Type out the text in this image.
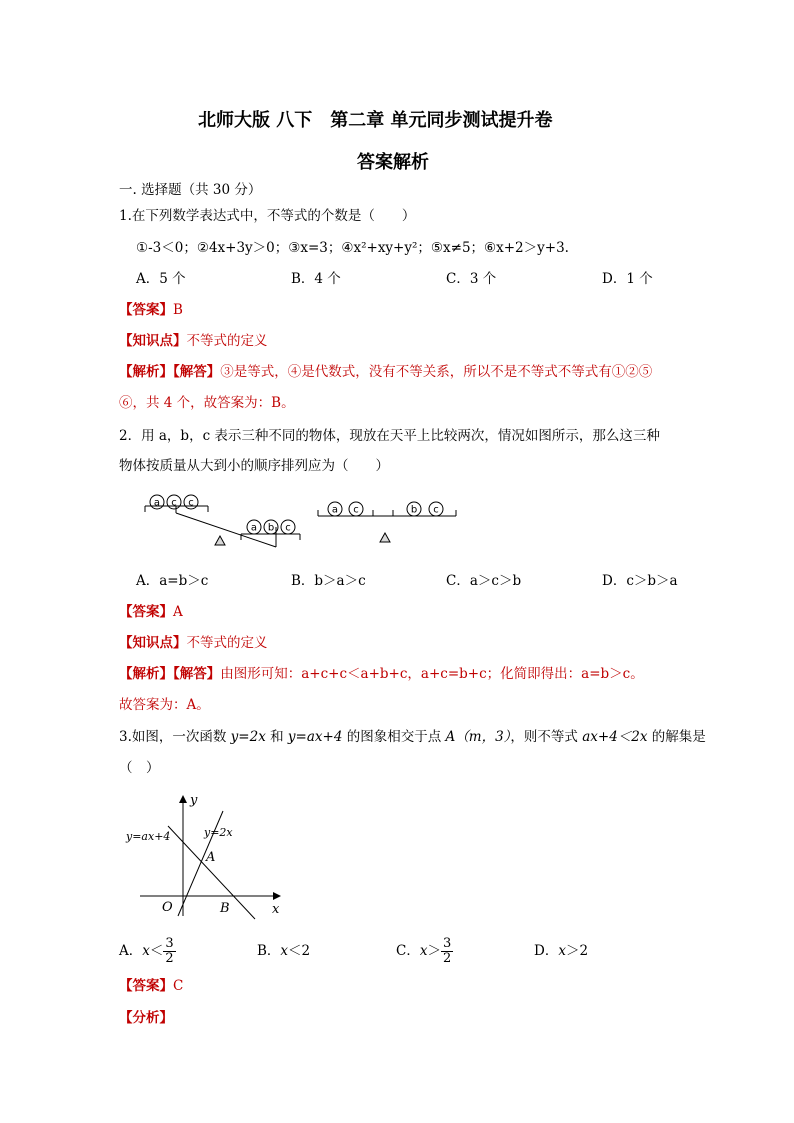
北师大版 八下　第二章 单元同步测试提升卷
答案解析
一. 选择题（共 30 分）
1.在下列数学表达式中，不等式的个数是（　　）
①-3＜0；②4x+3y＞0；③x=3；④x²+xy+y²；⑤x≠5；⑥x+2＞y+3.
A．5 个	B．4 个	C．3 个	D．1 个
【答案】B
【知识点】不等式的定义
【解析】【解答】③是等式，④是代数式，没有不等关系，所以不是不等式不等式有①②⑤
⑥，共 4 个，故答案为：B。
2．用 a，b，c 表示三种不同的物体，现放在天平上比较两次，情况如图所示，那么这三种
物体按质量从大到小的顺序排列应为（　　）
a c c
a b c
a c	b c
A．a=b＞c	B．b＞a＞c	C．a＞c＞b	D．c＞b＞a
【答案】A
【知识点】不等式的定义
【解析】【解答】由图形可知：a+c+c＜a+b+c，a+c=b+c；化简即得出：a=b＞c。
故答案为：A。
3.如图，一次函数 y=2x 和 y=ax+4 的图象相交于点 A（m，3），则不等式 ax+4＜2x 的解集是
（　）
y
x
O
A
B
y=ax+4	y=2x
A．$x< \frac{3}{2}$	B．x＜2	C．$x> \frac{3}{2}$	D．x＞2
【答案】C
【分析】
